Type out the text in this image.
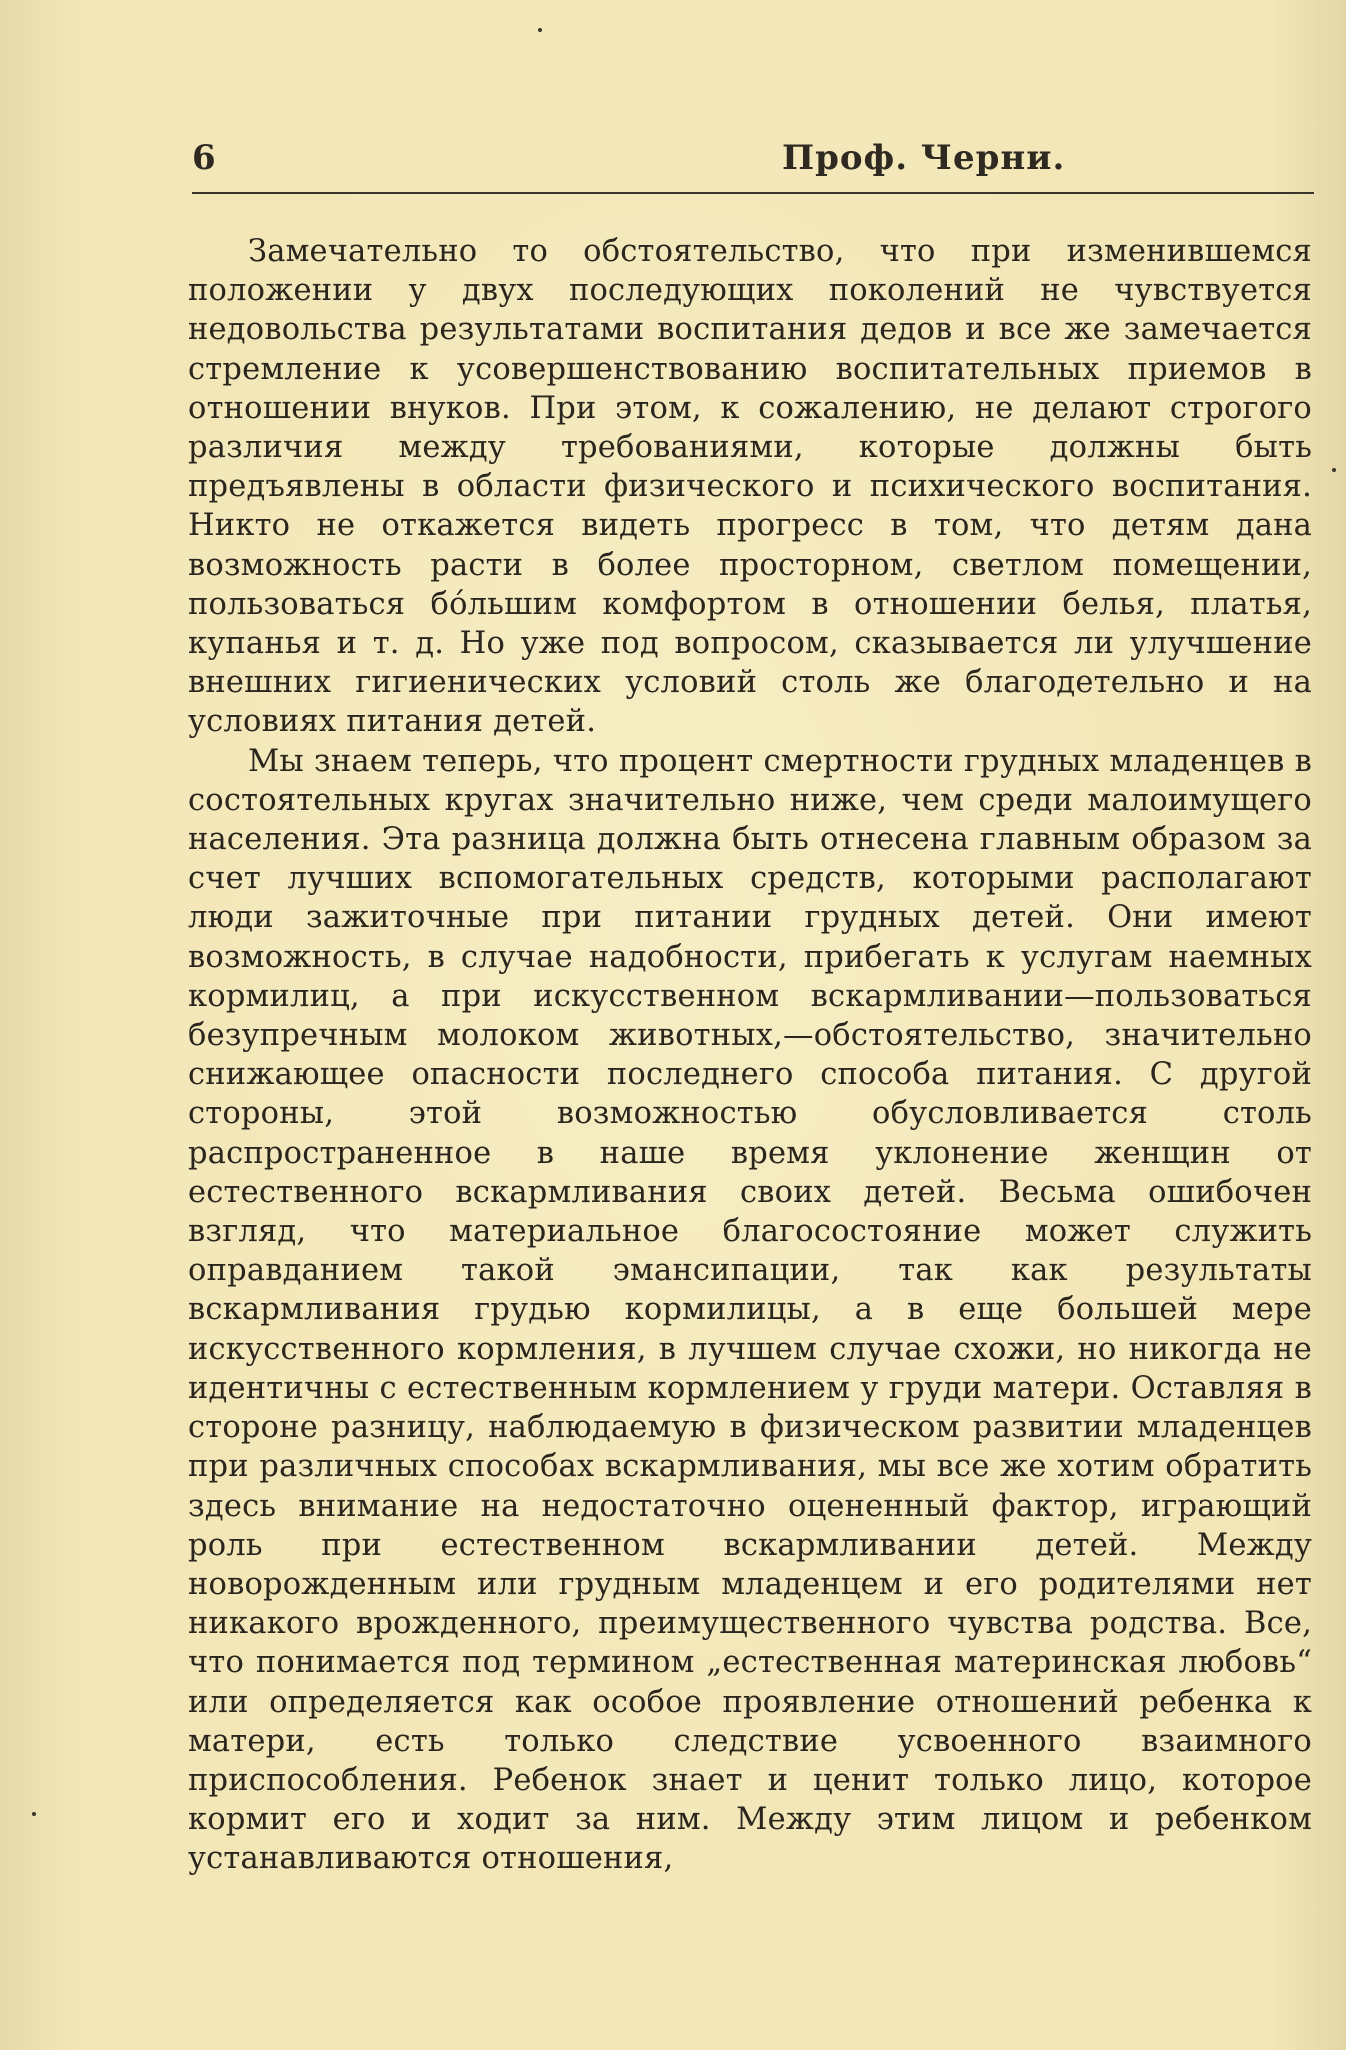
6	Проф. Черни.

Замечательно то обстоятельство, что при изменившемся положении у двух последующих поколений не чувствуется недовольства результатами воспитания дедов и все же замечается стремление к усовершенствованию воспитательных приемов в отношении внуков. При этом, к сожалению, не делают строгого различия между требованиями, которые должны быть предъявлены в области физического и психического воспитания. Никто не откажется видеть прогресс в том, что детям дана возможность расти в более просторном, светлом помещении, пользоваться бо́льшим комфортом в отношении белья, платья, купанья и т. д. Но уже под вопросом, сказывается ли улучшение внешних гигиенических условий столь же благодетельно и на условиях питания детей.

Мы знаем теперь, что процент смертности грудных младенцев в состоятельных кругах значительно ниже, чем среди малоимущего населения. Эта разница должна быть отнесена главным образом за счет лучших вспомогательных средств, которыми располагают люди зажиточные при питании грудных детей. Они имеют возможность, в случае надобности, прибегать к услугам наемных кормилиц, а при искусственном вскармливании—пользоваться безупречным молоком животных,—обстоятельство, значительно снижающее опасности последнего способа питания. С другой стороны, этой возможностью обусловливается столь распространенное в наше время уклонение женщин от естественного вскармливания своих детей. Весьма ошибочен взгляд, что материальное благосостояние может служить оправданием такой эмансипации, так как результаты вскармливания грудью кормилицы, а в еще большей мере искусственного кормления, в лучшем случае схожи, но никогда не идентичны с естественным кормлением у груди матери. Оставляя в стороне разницу, наблюдаемую в физическом развитии младенцев при различных способах вскармливания, мы все же хотим обратить здесь внимание на недостаточно оцененный фактор, играющий роль при естественном вскармливании детей. Между новорожденным или грудным младенцем и его родителями нет никакого врожденного, преимущественного чувства родства. Все, что понимается под термином „естественная материнская любовь“ или определяется как особое проявление отношений ребенка к матери, есть только следствие усвоенного взаимного приспособления. Ребенок знает и ценит только лицо, которое кормит его и ходит за ним. Между этим лицом и ребенком устанавливаются отношения,
